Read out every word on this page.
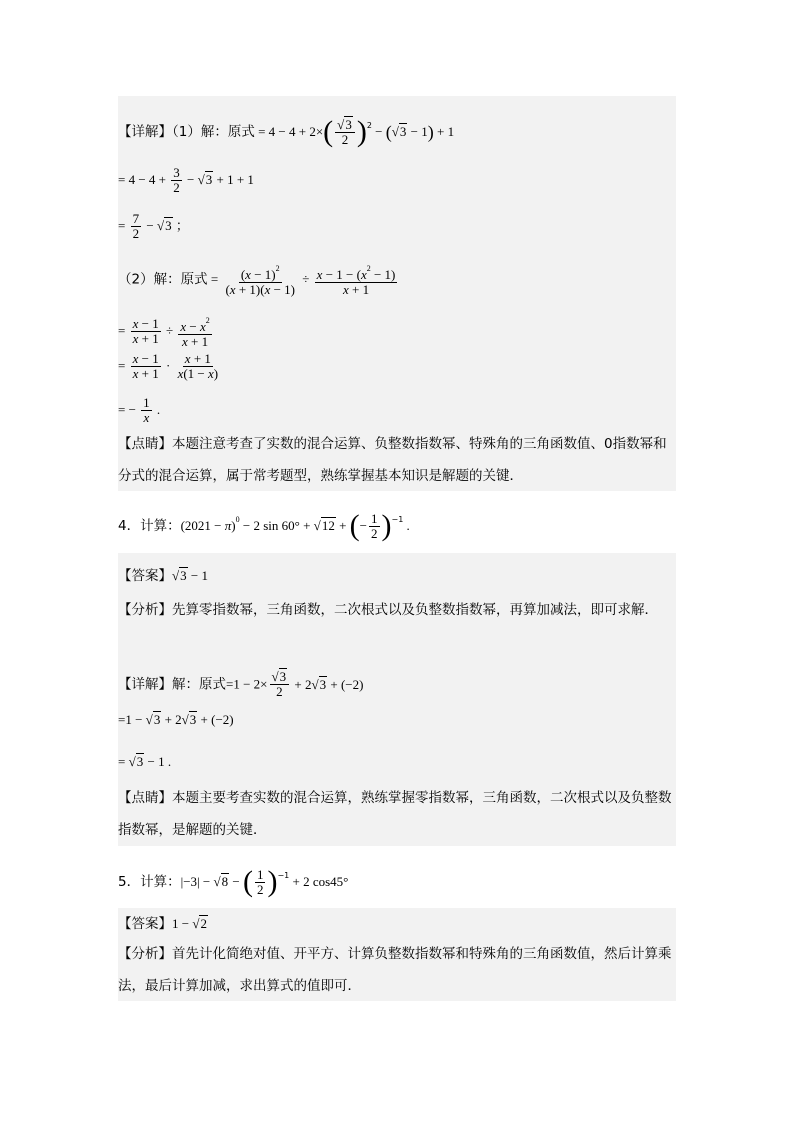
【详解】（1）解：原式 = $4 - 4 + 2\times( \frac{√3}{2} )^2 - (√3 - 1) + 1$
= $4 - 4 + \frac{3}{2} - √3 + 1 + 1$
= $\frac{7}{2} - √3$ ；
（2）解：原式 = $\frac{(x - 1)^2}{(x + 1)(x - 1)} \div \frac{x - 1 - (x^2 - 1)}{x + 1}$
= $\frac{x - 1}{x + 1} \div \frac{x - x^2}{x + 1}$
= $\frac{x - 1}{x + 1} \cdot \frac{x + 1}{x(1 - x)}$
= − $\frac{1}{x}$ .
【点睛】本题注意考查了实数的混合运算、负整数指数幂、特殊角的三角函数值、0指数幂和分式的混合运算，属于常考题型，熟练掌握基本知识是解题的关键．
4．计算：$(2021 - \pi)^0 - 2$ sin 60° + √12 + (− $\frac{1}{2} )^{-1}$ .
【答案】√3 − 1
【分析】先算零指数幂，三角函数，二次根式以及负整数指数幂，再算加减法，即可求解．
【详解】解：原式$=1 - 2\times \frac{√3}{2} + 2√3 + (-2)$
=1 − √3 + 2√3 + (−2)
= √3 − 1 .
【点睛】本题主要考查实数的混合运算，熟练掌握零指数幂，三角函数，二次根式以及负整数指数幂，是解题的关键．
5．计算：|−3| − √8 − ( $\frac{1}{2} )^{-1} + 2$ cos45°
【答案】1 − √2
【分析】首先计化简绝对值、开平方、计算负整数指数幂和特殊角的三角函数值，然后计算乘法，最后计算加减，求出算式的值即可．
